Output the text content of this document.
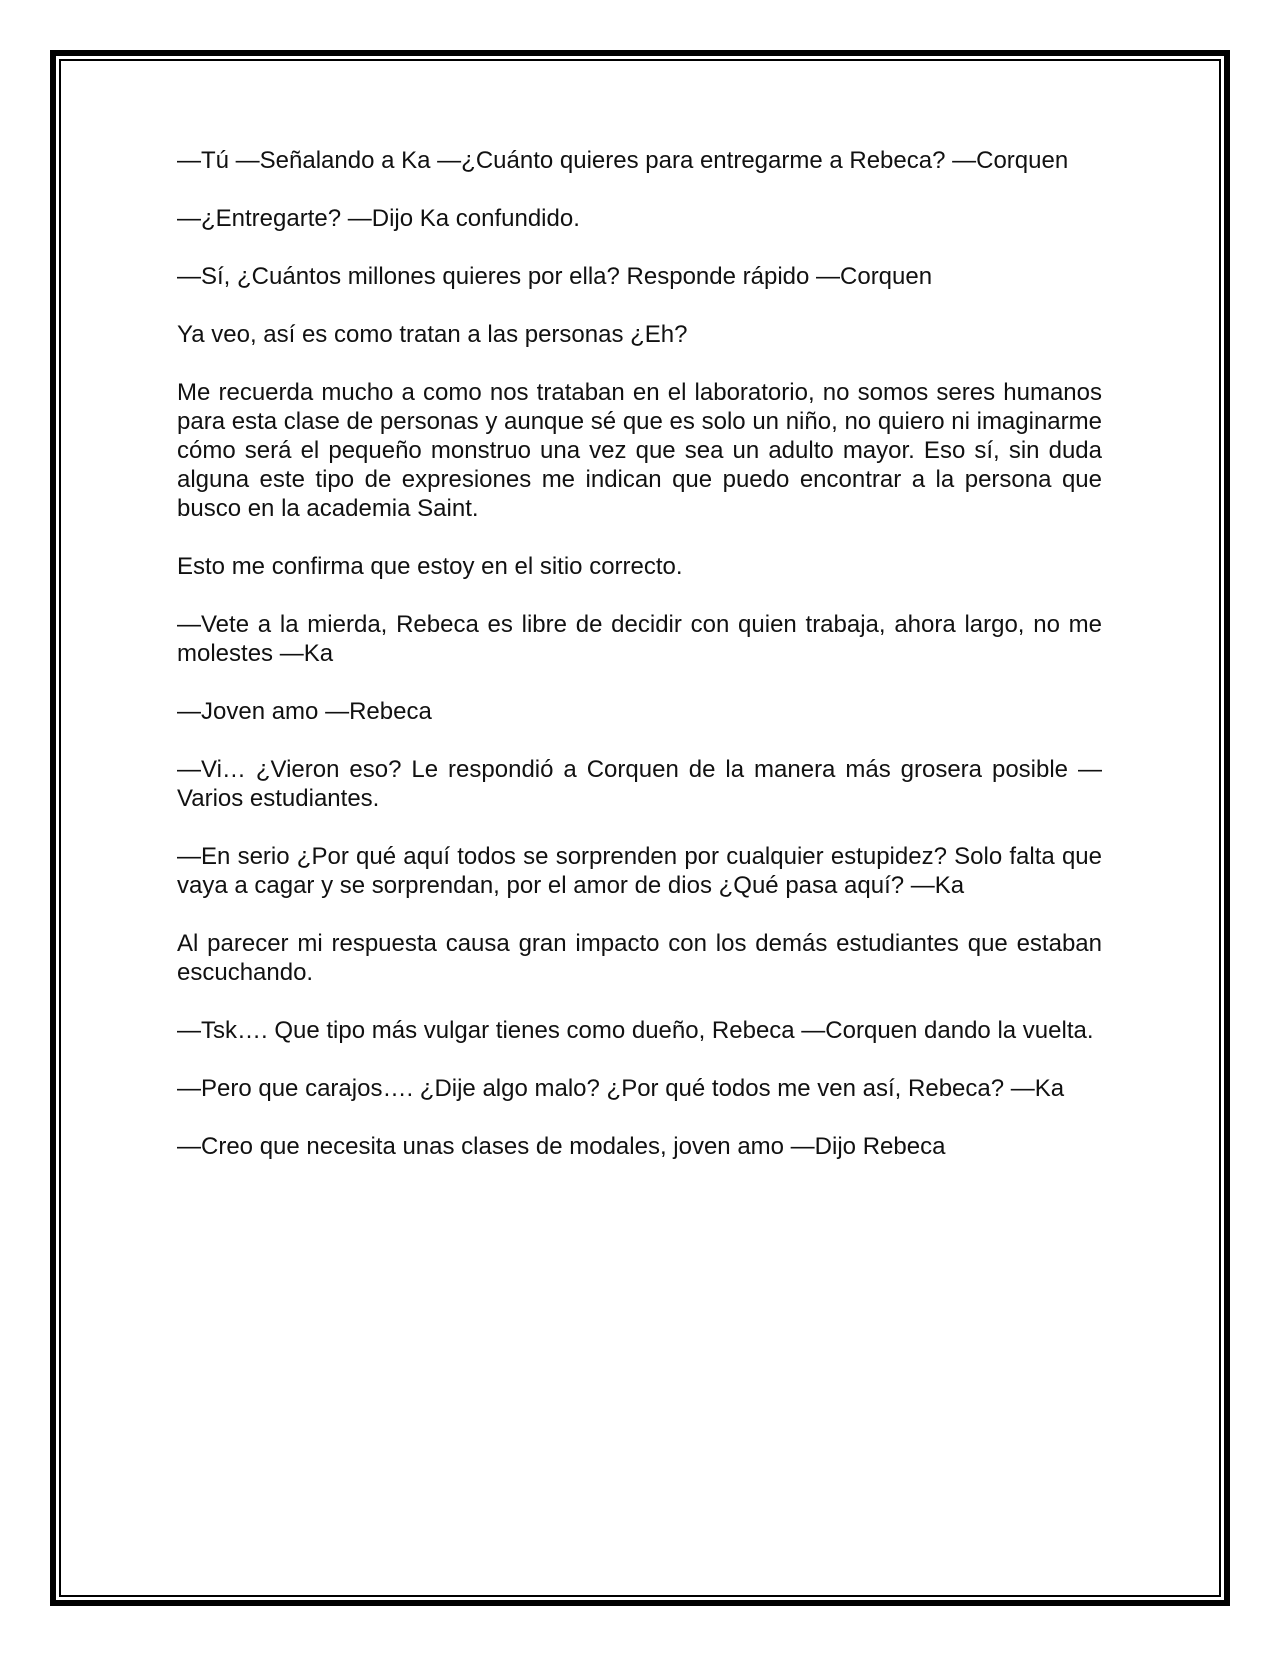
—Tú —Señalando a Ka —¿Cuánto quieres para entregarme a Rebeca? —Corquen

—¿Entregarte? —Dijo Ka confundido.

—Sí, ¿Cuántos millones quieres por ella? Responde rápido —Corquen

Ya veo, así es como tratan a las personas ¿Eh?

Me recuerda mucho a como nos trataban en el laboratorio, no somos seres humanos para esta clase de personas y aunque sé que es solo un niño, no quiero ni imaginarme cómo será el pequeño monstruo una vez que sea un adulto mayor. Eso sí, sin duda alguna este tipo de expresiones me indican que puedo encontrar a la persona que busco en la academia Saint.

Esto me confirma que estoy en el sitio correcto.

—Vete a la mierda, Rebeca es libre de decidir con quien trabaja, ahora largo, no me molestes —Ka

—Joven amo —Rebeca

—Vi… ¿Vieron eso? Le respondió a Corquen de la manera más grosera posible —Varios estudiantes.

—En serio ¿Por qué aquí todos se sorprenden por cualquier estupidez? Solo falta que vaya a cagar y se sorprendan, por el amor de dios ¿Qué pasa aquí? —Ka

Al parecer mi respuesta causa gran impacto con los demás estudiantes que estaban escuchando.

—Tsk…. Que tipo más vulgar tienes como dueño, Rebeca —Corquen dando la vuelta.

—Pero que carajos…. ¿Dije algo malo? ¿Por qué todos me ven así, Rebeca? —Ka

—Creo que necesita unas clases de modales, joven amo —Dijo Rebeca
